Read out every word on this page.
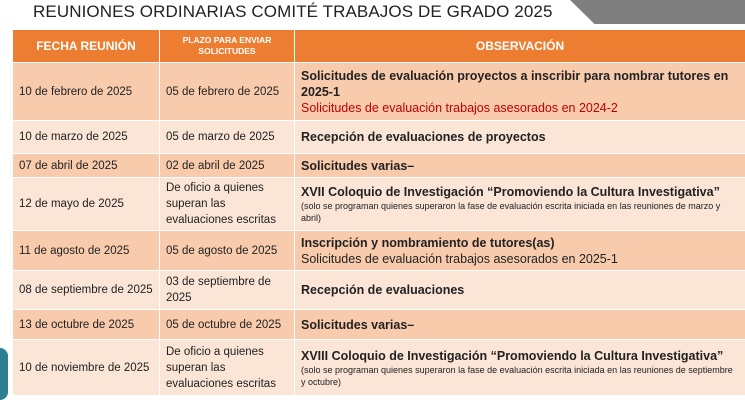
REUNIONES ORDINARIAS COMITÉ TRABAJOS DE GRADO 2025
FECHA REUNIÓN	PLAZO PARA ENVIAR SOLICITUDES	OBSERVACIÓN
10 de febrero de 2025	05 de febrero de 2025	Solicitudes de evaluación proyectos a inscribir para nombrar tutores en 2025-1
Solicitudes de evaluación trabajos asesorados en 2024-2

10 de marzo de 2025	05 de marzo de 2025	Recepción de evaluaciones de proyectos

07 de abril de 2025	02 de abril de 2025	Solicitudes varias–

12 de mayo de 2025	De oficio a quienes superan las evaluaciones escritas	XVII Coloquio de Investigación “Promoviendo la Cultura Investigativa”
(solo se programan quienes superaron la fase de evaluación escrita iniciada en las reuniones de marzo y abril)

11 de agosto de 2025	05 de agosto de 2025	Inscripción y nombramiento de tutores(as)
Solicitudes de evaluación trabajos asesorados en 2025-1

08 de septiembre de 2025	03 de septiembre de 2025	Recepción de evaluaciones

13 de octubre de 2025	05 de octubre de 2025	Solicitudes varias–

10 de noviembre de 2025	De oficio a quienes superan las evaluaciones escritas	XVIII Coloquio de Investigación “Promoviendo la Cultura Investigativa”
(solo se programan quienes superaron la fase de evaluación escrita iniciada en las reuniones de septiembre y octubre)
